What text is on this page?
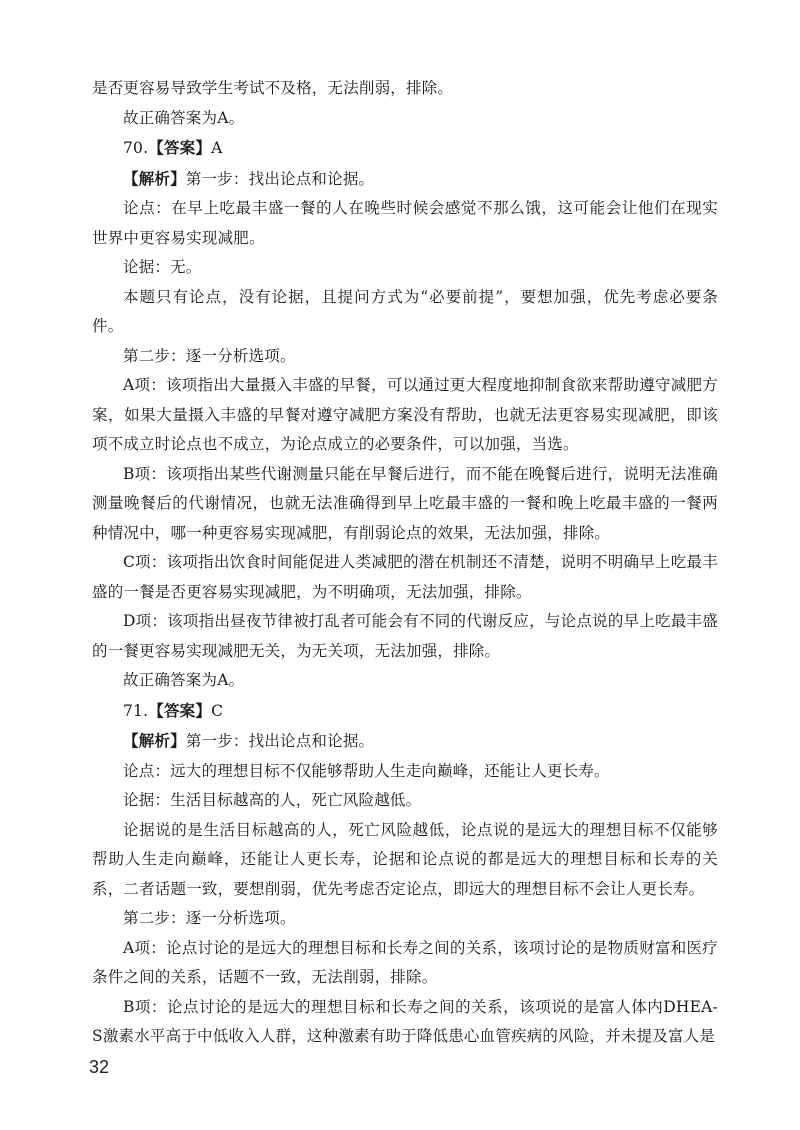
是否更容易导致学生考试不及格，无法削弱，排除。

故正确答案为A。

70.【答案】A

【解析】第一步：找出论点和论据。

论点：在早上吃最丰盛一餐的人在晚些时候会感觉不那么饿，这可能会让他们在现实世界中更容易实现减肥。

论据：无。

本题只有论点，没有论据，且提问方式为“必要前提”，要想加强，优先考虑必要条件。

第二步：逐一分析选项。

A项：该项指出大量摄入丰盛的早餐，可以通过更大程度地抑制食欲来帮助遵守减肥方案，如果大量摄入丰盛的早餐对遵守减肥方案没有帮助，也就无法更容易实现减肥，即该项不成立时论点也不成立，为论点成立的必要条件，可以加强，当选。

B项：该项指出某些代谢测量只能在早餐后进行，而不能在晚餐后进行，说明无法准确测量晚餐后的代谢情况，也就无法准确得到早上吃最丰盛的一餐和晚上吃最丰盛的一餐两种情况中，哪一种更容易实现减肥，有削弱论点的效果，无法加强，排除。

C项：该项指出饮食时间能促进人类减肥的潜在机制还不清楚，说明不明确早上吃最丰盛的一餐是否更容易实现减肥，为不明确项，无法加强，排除。

D项：该项指出昼夜节律被打乱者可能会有不同的代谢反应，与论点说的早上吃最丰盛的一餐更容易实现减肥无关，为无关项，无法加强，排除。

故正确答案为A。

71.【答案】C

【解析】第一步：找出论点和论据。

论点：远大的理想目标不仅能够帮助人生走向巅峰，还能让人更长寿。

论据：生活目标越高的人，死亡风险越低。

论据说的是生活目标越高的人，死亡风险越低，论点说的是远大的理想目标不仅能够帮助人生走向巅峰，还能让人更长寿，论据和论点说的都是远大的理想目标和长寿的关系，二者话题一致，要想削弱，优先考虑否定论点，即远大的理想目标不会让人更长寿。

第二步：逐一分析选项。

A项：论点讨论的是远大的理想目标和长寿之间的关系，该项讨论的是物质财富和医疗条件之间的关系，话题不一致，无法削弱，排除。

B项：论点讨论的是远大的理想目标和长寿之间的关系，该项说的是富人体内DHEA-S激素水平高于中低收入人群，这种激素有助于降低患心血管疾病的风险，并未提及富人是

32
